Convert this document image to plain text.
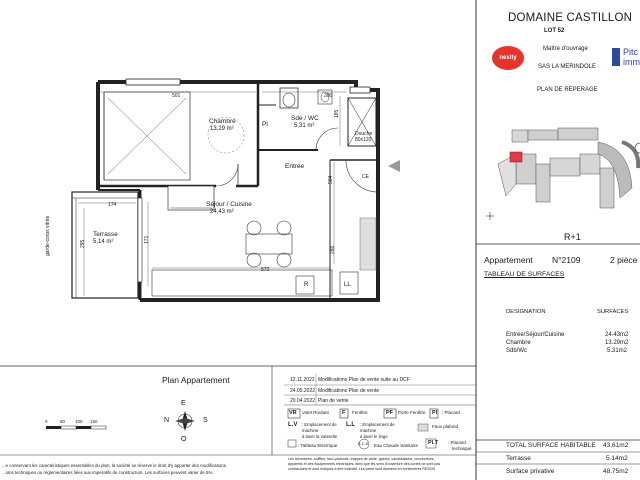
DOMAINE CASTILLON
LOT 52
nexity
Maître d'ouvrage
SAS LA MERINDOLE
Pitc
imm
PLAN DE REPERAGE
R+1
Appartement N°2109	2 pièce
TABLEAU DE SURFACES
DESIGNATION	SURFACES
Entrée/Séjour/Cuisine	24.43m2
Chambre	13.29m2
Sdb/Wc	5.31m2
TOTAL SURFACE HABITABLE 43.61m2
Terrasse	5.14m2
Surface privative	48.75m2
Chambre
13,29 m²
Pl
Sde / WC
5,31 m²
Douche
80x120
Entrée
Séjour / Cuisine
24,43 m²
Terrasse
5,14 m²
garde-corps vitrée
501	300
185
174
295	171
573
504
286
R	LL
CE
Plan Appartement
0	50 100 150
E
O
N	S
12.11.2022 Modifications Plan de vente suite au DCF
24.05.2022 Modifications Plan de vente
20.04.2022 Plan de vente
VR Volet Roulant F Fenêtre	PF Porte Fenêtre Pl : Placard
L.V : Emplacement de
machine
à laver la vaisselle
L.L : Emplacement de
machine
à laver le linge
Faux plafond
: Tableau Electrique	E.C.S Eau Chaude Sanitaire Pl.T : Placard
technique
Les retombées, soffites, faux-plafonds, trappes de visite, gaines, canalisations, convecteurs,
appareils et des équipements électriques, ainsi que les sens d'ouverture des portes ne sont pas
contractuels et sont indiqués à titre indicatif. Les cotes sont données en centimètres RE2020
...e conservant les caractéristiques essentielles du plan, la société se réserve le droit d'y apporter des modifications
...ions techniques ou réglementaires liées aux impératifs de construction. Les surfaces peuvent varier de 5%.
